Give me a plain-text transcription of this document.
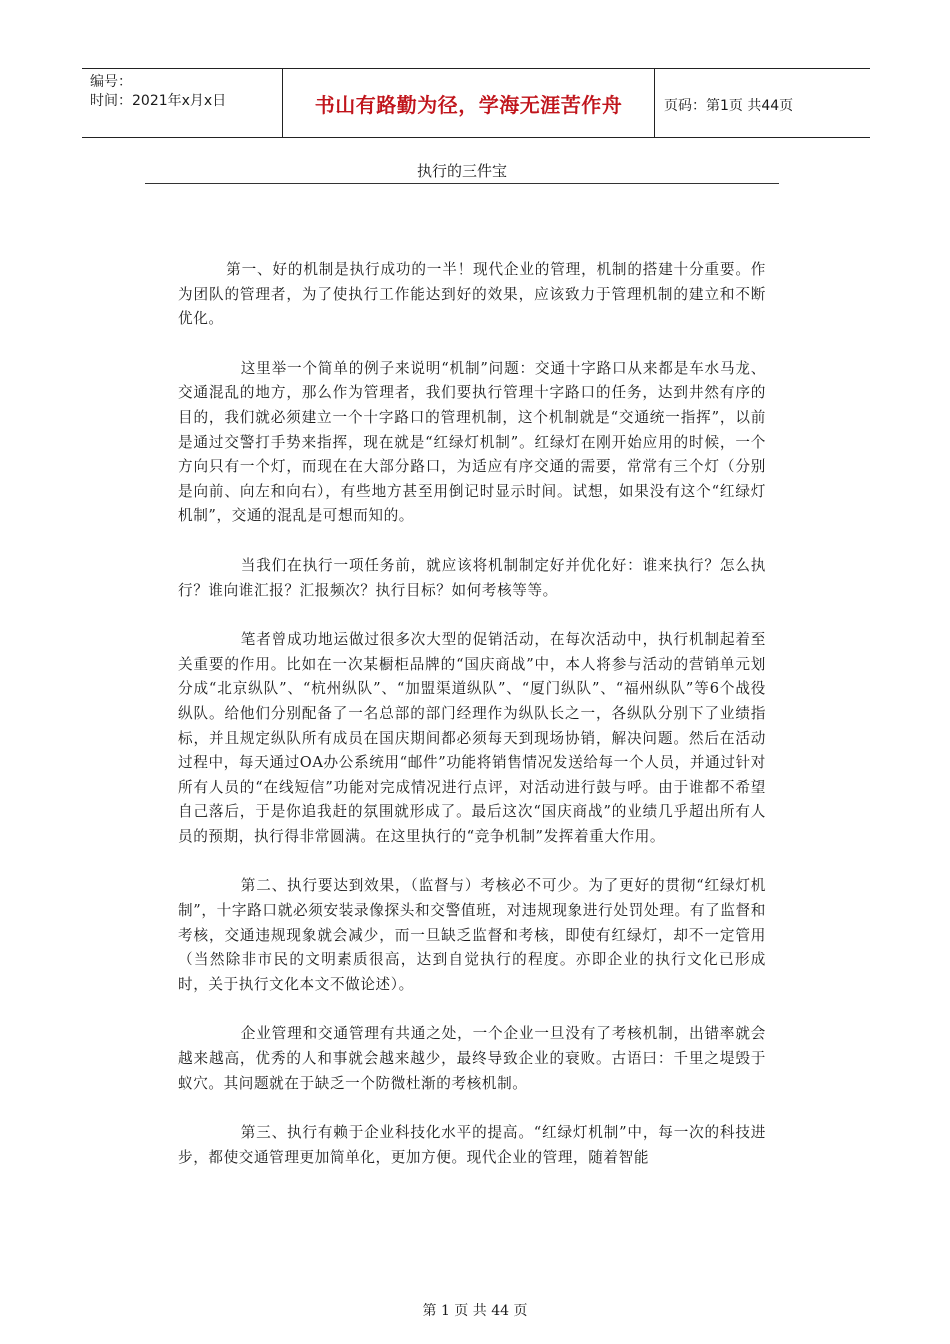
编号：
时间：2021年x月x日	书山有路勤为径，学海无涯苦作舟	页码：第1页 共44页
执行的三件宝

第一、好的机制是执行成功的一半！现代企业的管理，机制的搭建十分重要。作为团队的管理者，为了使执行工作能达到好的效果，应该致力于管理机制的建立和不断优化。

这里举一个简单的例子来说明“机制”问题：交通十字路口从来都是车水马龙、交通混乱的地方，那么作为管理者，我们要执行管理十字路口的任务，达到井然有序的目的，我们就必须建立一个十字路口的管理机制，这个机制就是“交通统一指挥”，以前是通过交警打手势来指挥，现在就是“红绿灯机制”。红绿灯在刚开始应用的时候，一个方向只有一个灯，而现在在大部分路口，为适应有序交通的需要，常常有三个灯（分别是向前、向左和向右），有些地方甚至用倒记时显示时间。试想，如果没有这个“红绿灯机制”，交通的混乱是可想而知的。

当我们在执行一项任务前，就应该将机制制定好并优化好：谁来执行？怎么执行？谁向谁汇报？汇报频次？执行目标？如何考核等等。

笔者曾成功地运做过很多次大型的促销活动，在每次活动中，执行机制起着至关重要的作用。比如在一次某橱柜品牌的“国庆商战”中，本人将参与活动的营销单元划分成“北京纵队”、“杭州纵队”、“加盟渠道纵队”、“厦门纵队”、“福州纵队”等6个战役纵队。给他们分别配备了一名总部的部门经理作为纵队长之一，各纵队分别下了业绩指标，并且规定纵队所有成员在国庆期间都必须每天到现场协销，解决问题。然后在活动过程中，每天通过OA办公系统用“邮件”功能将销售情况发送给每一个人员，并通过针对所有人员的“在线短信”功能对完成情况进行点评，对活动进行鼓与呼。由于谁都不希望自己落后，于是你追我赶的氛围就形成了。最后这次“国庆商战”的业绩几乎超出所有人员的预期，执行得非常圆满。在这里执行的“竞争机制”发挥着重大作用。

第二、执行要达到效果，（监督与）考核必不可少。为了更好的贯彻“红绿灯机制”，十字路口就必须安装录像探头和交警值班，对违规现象进行处罚处理。有了监督和考核，交通违规现象就会减少，而一旦缺乏监督和考核，即使有红绿灯，却不一定管用（当然除非市民的文明素质很高，达到自觉执行的程度。亦即企业的执行文化已形成时，关于执行文化本文不做论述）。

企业管理和交通管理有共通之处，一个企业一旦没有了考核机制，出错率就会越来越高，优秀的人和事就会越来越少，最终导致企业的衰败。古语曰：千里之堤毁于蚁穴。其问题就在于缺乏一个防微杜渐的考核机制。

第三、执行有赖于企业科技化水平的提高。“红绿灯机制”中，每一次的科技进步，都使交通管理更加简单化，更加方便。现代企业的管理，随着智能

第 1 页 共 44 页
